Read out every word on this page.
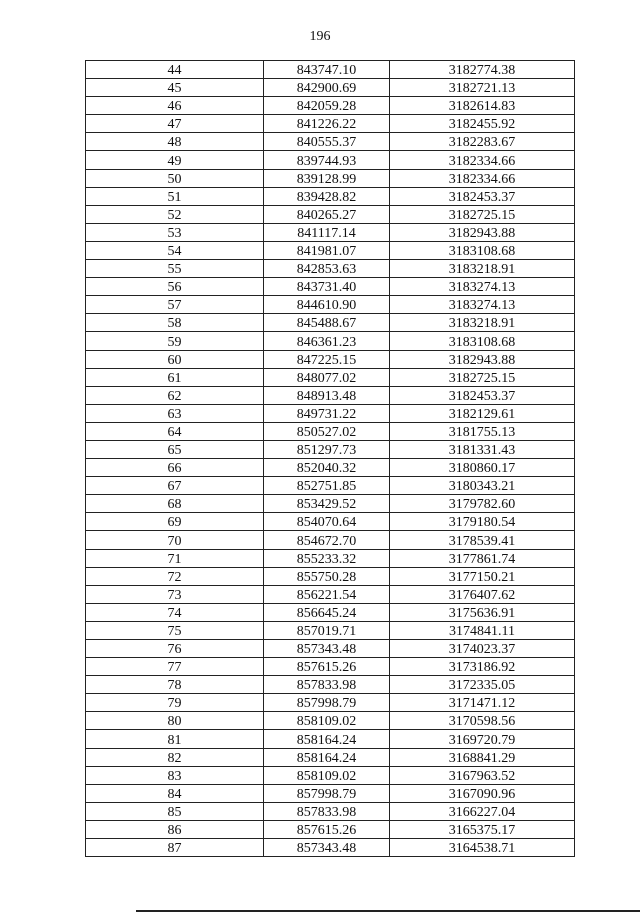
196
44	843747.10	3182774.38
45	842900.69	3182721.13
46	842059.28	3182614.83
47	841226.22	3182455.92
48	840555.37	3182283.67
49	839744.93	3182334.66
50	839128.99	3182334.66
51	839428.82	3182453.37
52	840265.27	3182725.15
53	841117.14	3182943.88
54	841981.07	3183108.68
55	842853.63	3183218.91
56	843731.40	3183274.13
57	844610.90	3183274.13
58	845488.67	3183218.91
59	846361.23	3183108.68
60	847225.15	3182943.88
61	848077.02	3182725.15
62	848913.48	3182453.37
63	849731.22	3182129.61
64	850527.02	3181755.13
65	851297.73	3181331.43
66	852040.32	3180860.17
67	852751.85	3180343.21
68	853429.52	3179782.60
69	854070.64	3179180.54
70	854672.70	3178539.41
71	855233.32	3177861.74
72	855750.28	3177150.21
73	856221.54	3176407.62
74	856645.24	3175636.91
75	857019.71	3174841.11
76	857343.48	3174023.37
77	857615.26	3173186.92
78	857833.98	3172335.05
79	857998.79	3171471.12
80	858109.02	3170598.56
81	858164.24	3169720.79
82	858164.24	3168841.29
83	858109.02	3167963.52
84	857998.79	3167090.96
85	857833.98	3166227.04
86	857615.26	3165375.17
87	857343.48	3164538.71
